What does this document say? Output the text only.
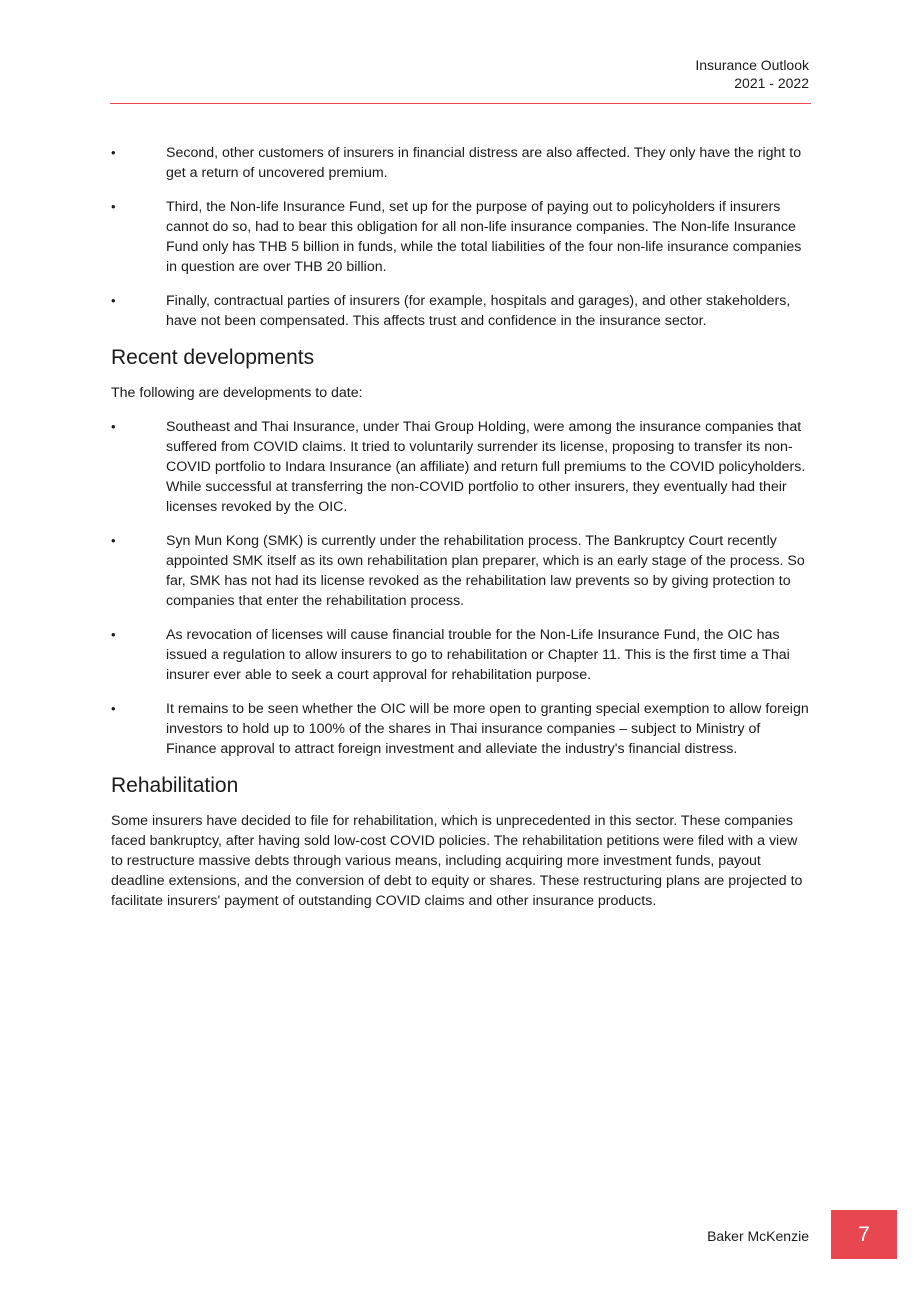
Insurance Outlook
2021 - 2022
•	Second, other customers of insurers in financial distress are also affected. They only have the right to get a return of uncovered premium.
•	Third, the Non-life Insurance Fund, set up for the purpose of paying out to policyholders if insurers cannot do so, had to bear this obligation for all non-life insurance companies. The Non-life Insurance Fund only has THB 5 billion in funds, while the total liabilities of the four non-life insurance companies in question are over THB 20 billion.
•	Finally, contractual parties of insurers (for example, hospitals and garages), and other stakeholders, have not been compensated. This affects trust and confidence in the insurance sector.
Recent developments

The following are developments to date:

•	Southeast and Thai Insurance, under Thai Group Holding, were among the insurance companies that suffered from COVID claims. It tried to voluntarily surrender its license, proposing to transfer its non- COVID portfolio to Indara Insurance (an affiliate) and return full premiums to the COVID policyholders. While successful at transferring the non-COVID portfolio to other insurers, they eventually had their licenses revoked by the OIC.
•	Syn Mun Kong (SMK) is currently under the rehabilitation process. The Bankruptcy Court recently appointed SMK itself as its own rehabilitation plan preparer, which is an early stage of the process. So far, SMK has not had its license revoked as the rehabilitation law prevents so by giving protection to companies that enter the rehabilitation process.
•	As revocation of licenses will cause financial trouble for the Non-Life Insurance Fund, the OIC has issued a regulation to allow insurers to go to rehabilitation or Chapter 11. This is the first time a Thai insurer ever able to seek a court approval for rehabilitation purpose.
•	It remains to be seen whether the OIC will be more open to granting special exemption to allow foreign investors to hold up to 100% of the shares in Thai insurance companies – subject to Ministry of Finance approval to attract foreign investment and alleviate the industry's financial distress.
Rehabilitation

Some insurers have decided to file for rehabilitation, which is unprecedented in this sector. These companies faced bankruptcy, after having sold low-cost COVID policies. The rehabilitation petitions were filed with a view to restructure massive debts through various means, including acquiring more investment funds, payout deadline extensions, and the conversion of debt to equity or shares. These restructuring plans are projected to facilitate insurers' payment of outstanding COVID claims and other insurance products.

Baker McKenzie 7
